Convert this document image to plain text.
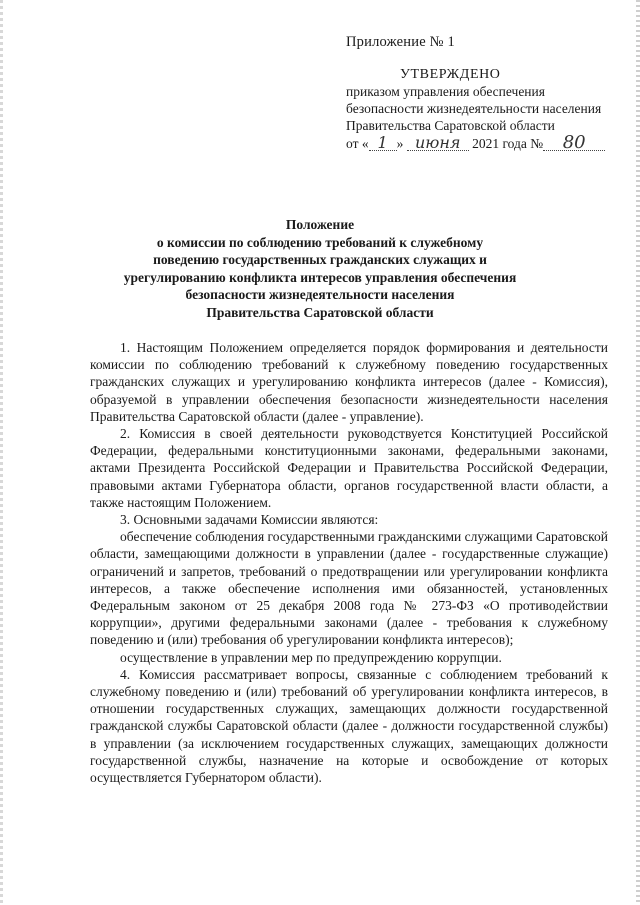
Приложение № 1
УТВЕРЖДЕНО
приказом управления обеспечения безопасности жизнедеятельности населения Правительства Саратовской области
от « 1 » июня 2021 года № 80
Положение
о комиссии по соблюдению требований к служебному
поведению государственных гражданских служащих и
урегулированию конфликта интересов управления обеспечения
безопасности жизнедеятельности населения
Правительства Саратовской области

1. Настоящим Положением определяется порядок формирования и деятельности комиссии по соблюдению требований к служебному поведению государственных гражданских служащих и урегулированию конфликта интересов (далее - Комиссия), образуемой в управлении обеспечения безопасности жизнедеятельности населения Правительства Саратовской области (далее - управление).

2. Комиссия в своей деятельности руководствуется Конституцией Российской Федерации, федеральными конституционными законами, федеральными законами, актами Президента Российской Федерации и Правительства Российской Федерации, правовыми актами Губернатора области, органов государственной власти области, а также настоящим Положением.

3. Основными задачами Комиссии являются:

обеспечение соблюдения государственными гражданскими служащими Саратовской области, замещающими должности в управлении (далее - государственные служащие) ограничений и запретов, требований о предотвращении или урегулировании конфликта интересов, а также обеспечение исполнения ими обязанностей, установленных Федеральным законом от 25 декабря 2008 года № 273-ФЗ «О противодействии коррупции», другими федеральными законами (далее - требования к служебному поведению и (или) требования об урегулировании конфликта интересов);

осуществление в управлении мер по предупреждению коррупции.

4. Комиссия рассматривает вопросы, связанные с соблюдением требований к служебному поведению и (или) требований об урегулировании конфликта интересов, в отношении государственных служащих, замещающих должности государственной гражданской службы Саратовской области (далее - должности государственной службы) в управлении (за исключением государственных служащих, замещающих должности государственной службы, назначение на которые и освобождение от которых осуществляется Губернатором области).
